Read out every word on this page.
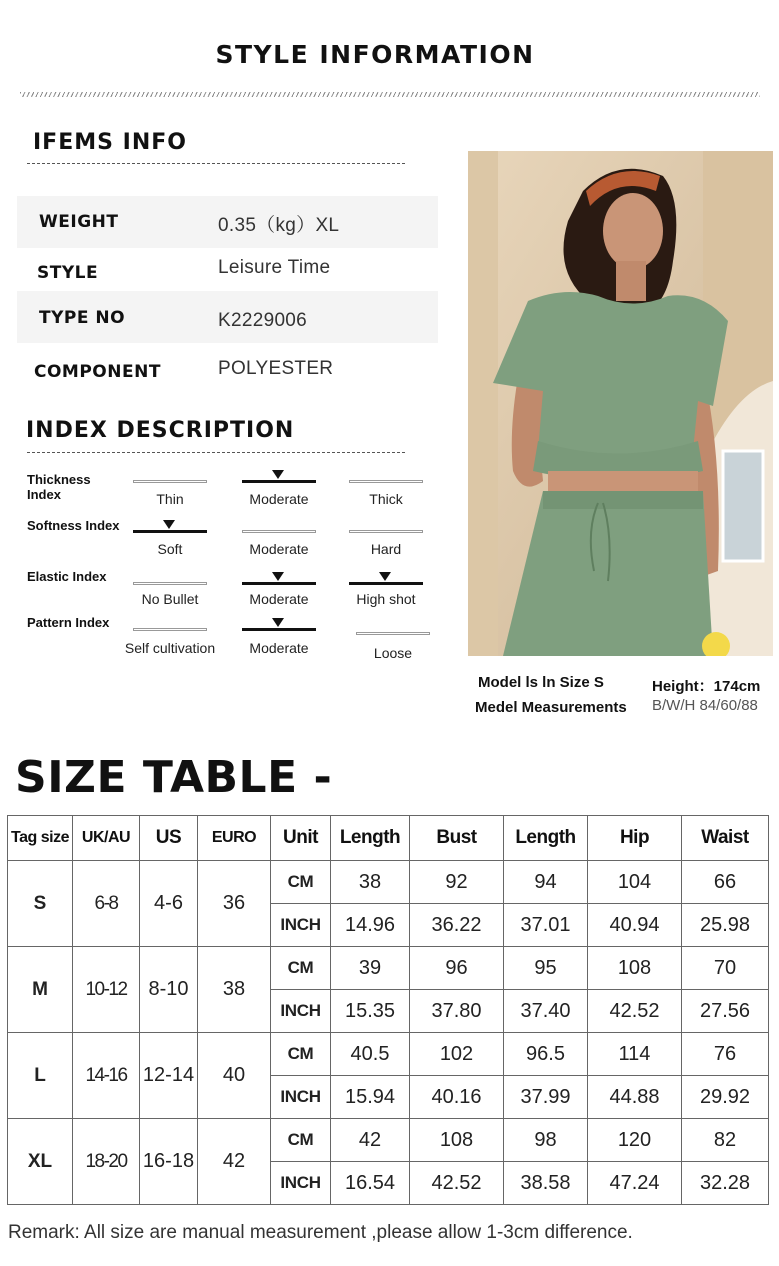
STYLE INFORMATION
IFEMS INFO
WEIGHT	0.35（kg）XL
STYLE	Leisure Time
TYPE NO	K2229006
COMPONENT	POLYESTER
INDEX DESCRIPTION
Thickness Index	Thin	Moderate	Thick
Softness Index
Soft	Moderate	Hard
Elastic Index
No Bullet	Moderate	High shot
Pattern Index
Self cultivation	Moderate	Loose
Model ls ln Size S	Height：174cm
Medel Measurements B/W/H 84/60/88
SIZE TABLE -
Tag size	UK/AU	US	EURO	Unit	Length	Bust	Length	Hip	Waist
S	6-8	4-6	36	CM	38	92	94	104	66
				INCH	14.96	36.22	37.01	40.94	25.98
M	10-12	8-10	38	CM	39	96	95	108	70
				INCH	15.35	37.80	37.40	42.52	27.56
L	14-16	12-14	40	CM	40.5	102	96.5	114	76
				INCH	15.94	40.16	37.99	44.88	29.92
XL	18-20	16-18	42	CM	42	108	98	120	82
				INCH	16.54	42.52	38.58	47.24	32.28
Remark: All size are manual measurement ,please allow 1-3cm difference.
